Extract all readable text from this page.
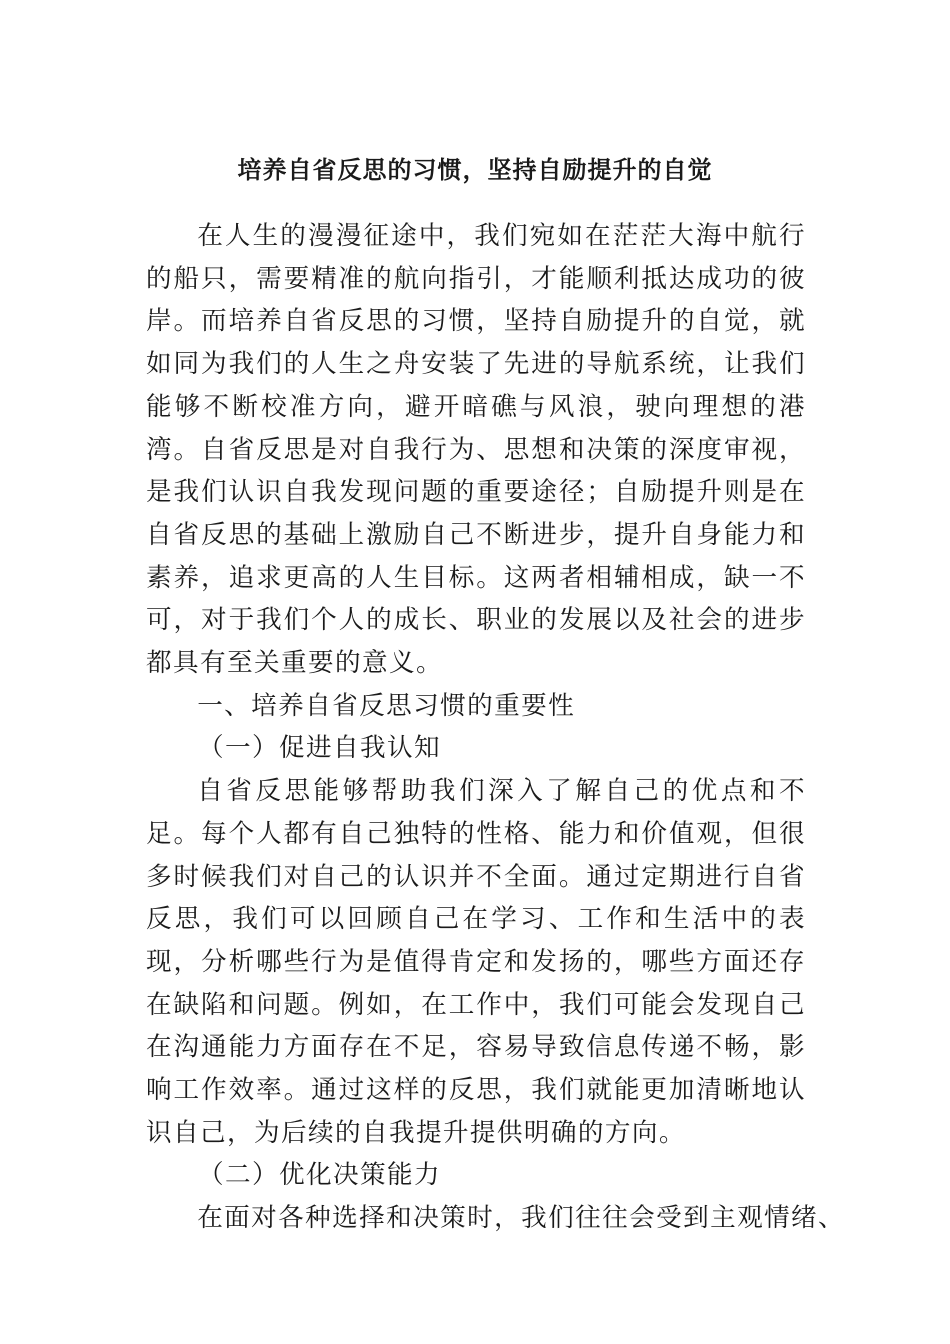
培养自省反思的习惯，坚持自励提升的自觉

在人生的漫漫征途中，我们宛如在茫茫大海中航行的船只，需要精准的航向指引，才能顺利抵达成功的彼岸。而培养自省反思的习惯，坚持自励提升的自觉，就如同为我们的人生之舟安装了先进的导航系统，让我们能够不断校准方向，避开暗礁与风浪，驶向理想的港湾。自省反思是对自我行为、思想和决策的深度审视，是我们认识自我发现问题的重要途径；自励提升则是在自省反思的基础上激励自己不断进步，提升自身能力和素养，追求更高的人生目标。这两者相辅相成，缺一不可，对于我们个人的成长、职业的发展以及社会的进步都具有至关重要的意义。

一、培养自省反思习惯的重要性

（一）促进自我认知

自省反思能够帮助我们深入了解自己的优点和不足。每个人都有自己独特的性格、能力和价值观，但很多时候我们对自己的认识并不全面。通过定期进行自省反思，我们可以回顾自己在学习、工作和生活中的表现，分析哪些行为是值得肯定和发扬的，哪些方面还存在缺陷和问题。例如，在工作中，我们可能会发现自己在沟通能力方面存在不足，容易导致信息传递不畅，影响工作效率。通过这样的反思，我们就能更加清晰地认识自己，为后续的自我提升提供明确的方向。

（二）优化决策能力

在面对各种选择和决策时，我们往往会受到主观情绪、
